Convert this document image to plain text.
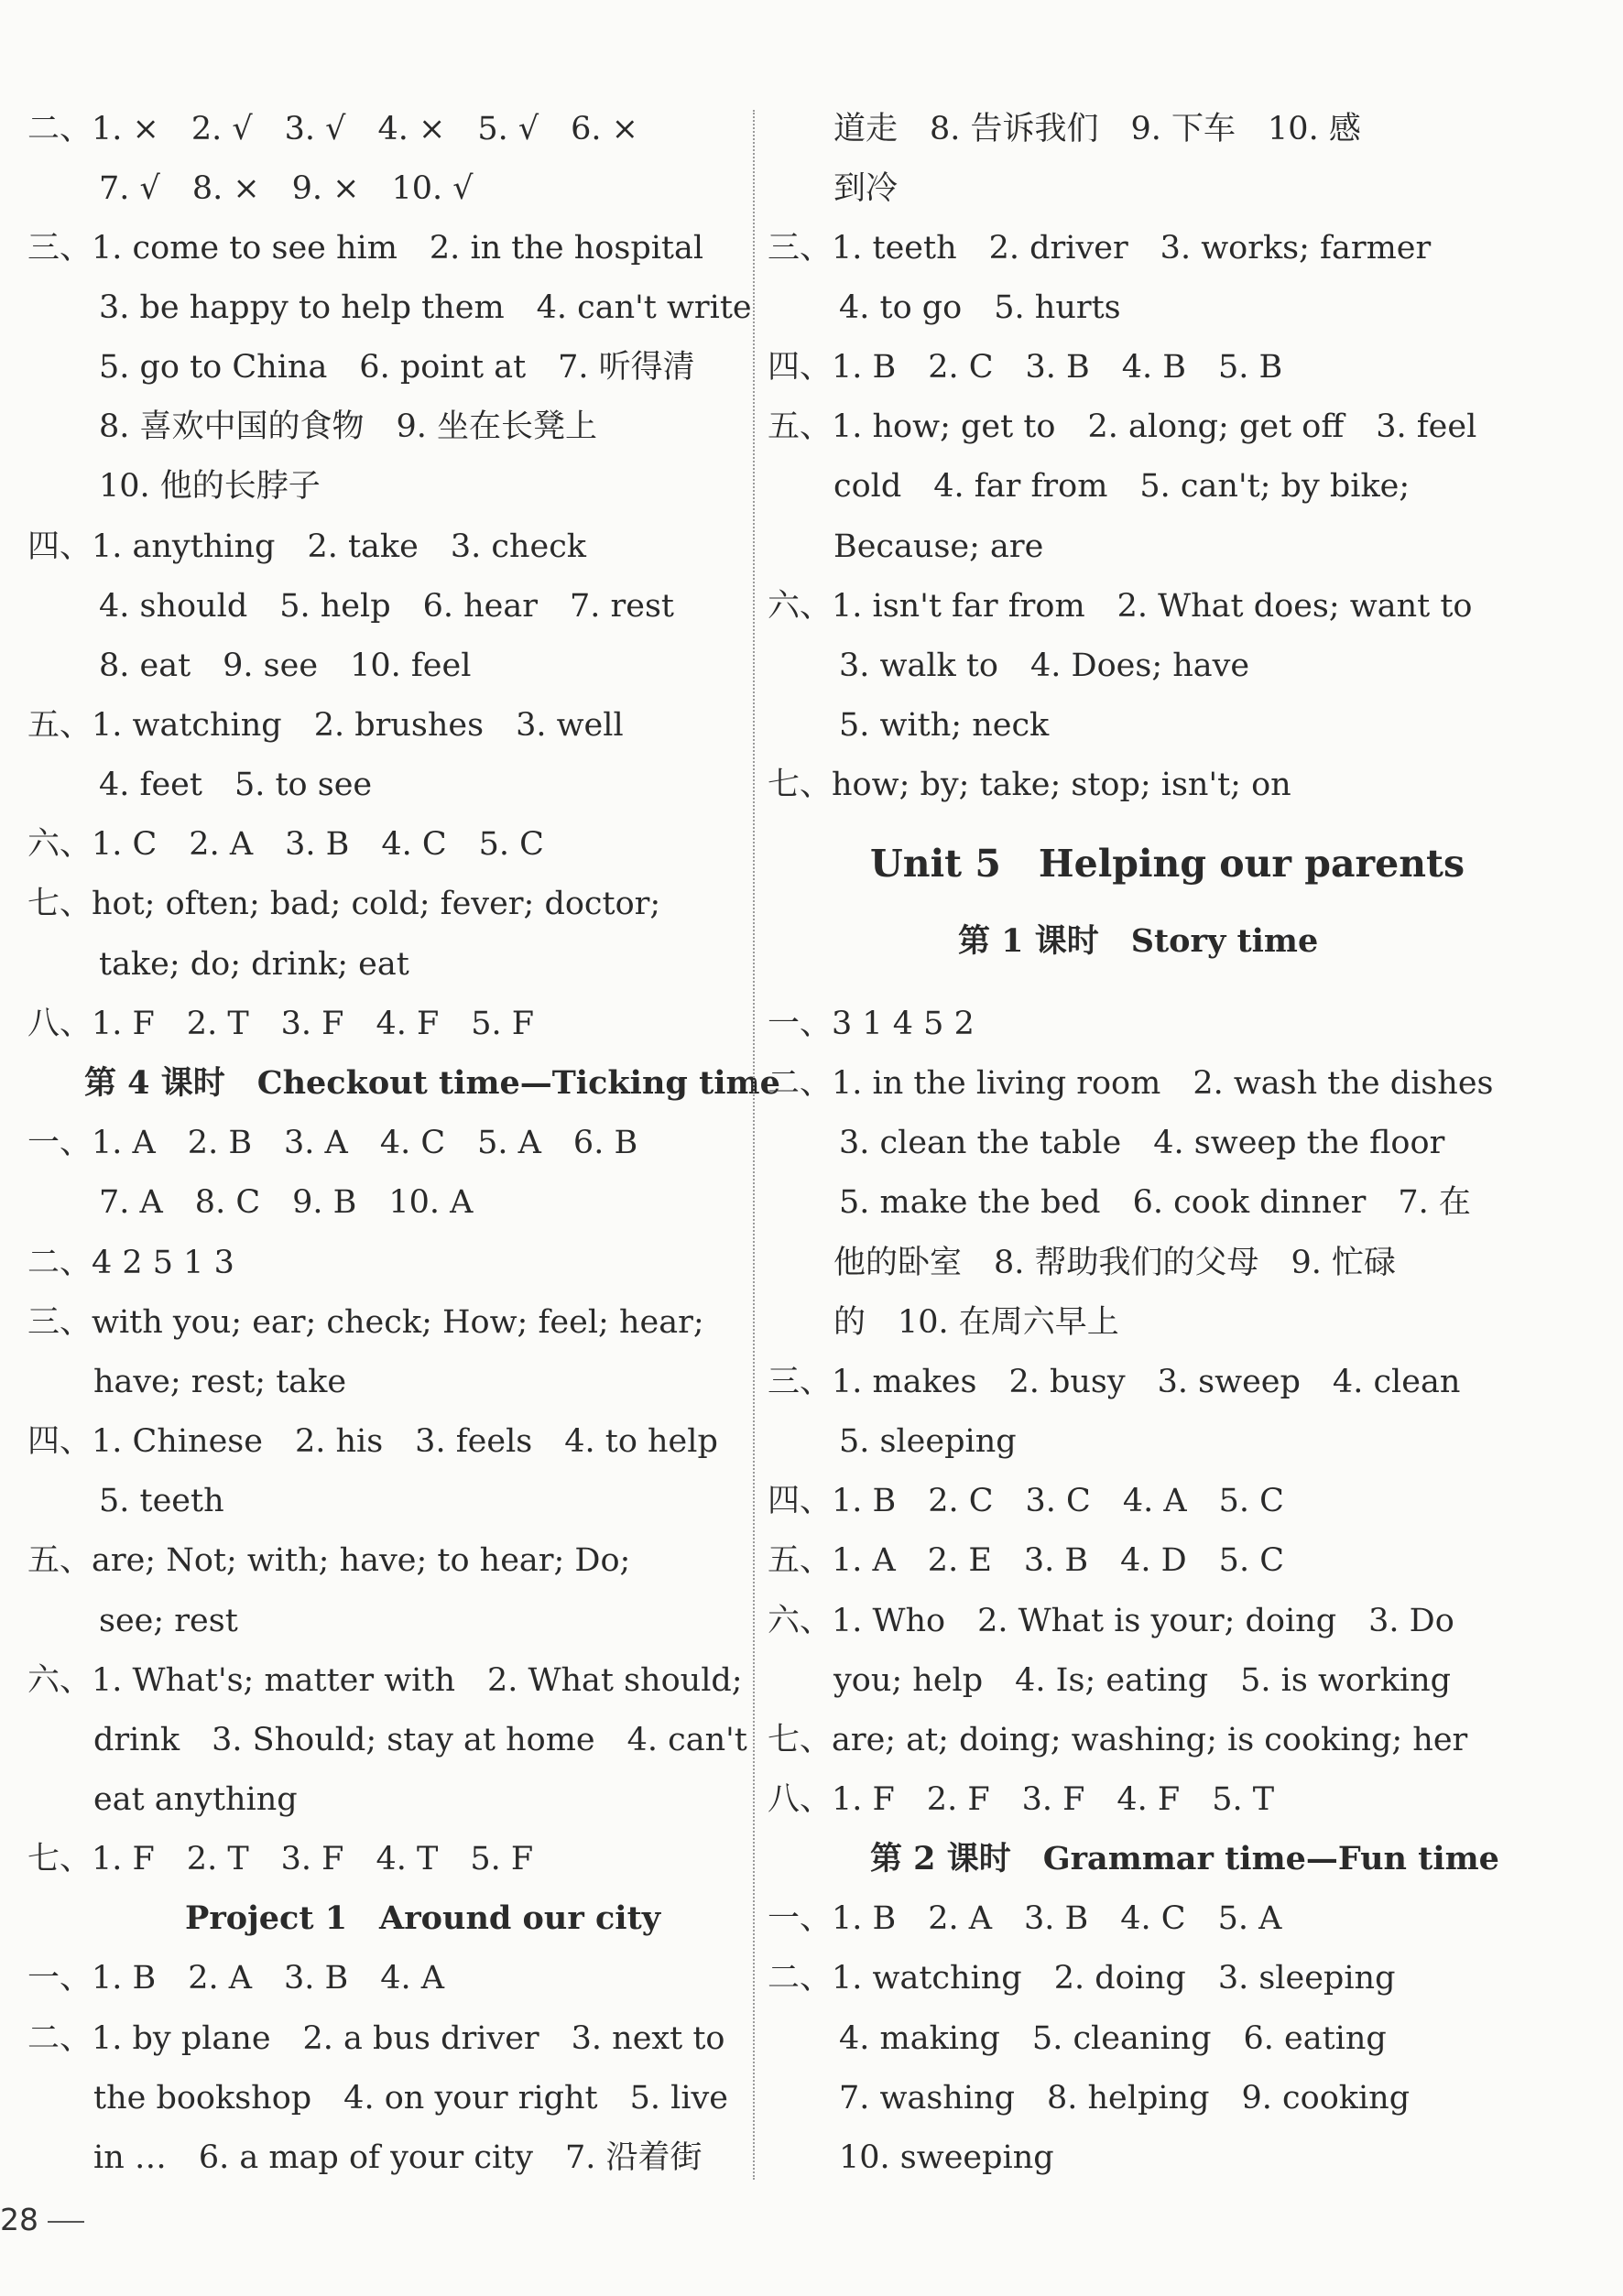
二、1. ×　2. √　3. √　4. ×　5. √　6. ×
7. √　8. ×　9. ×　10. √
三、1. come to see him　2. in the hospital
3. be happy to help them　4. can't write
5. go to China　6. point at　7. 听得清
8. 喜欢中国的食物　9. 坐在长凳上
10. 他的长脖子
四、1. anything　2. take　3. check
4. should　5. help　6. hear　7. rest
8. eat　9. see　10. feel
五、1. watching　2. brushes　3. well
4. feet　5. to see
六、1. C　2. A　3. B　4. C　5. C
七、hot; often; bad; cold; fever; doctor;
take; do; drink; eat
八、1. F　2. T　3. F　4. F　5. F
第 4 课时　Checkout time—Ticking time
一、1. A　2. B　3. A　4. C　5. A　6. B
7. A　8. C　9. B　10. A
二、4 2 5 1 3
三、with you; ear; check; How; feel; hear;
have; rest; take
四、1. Chinese　2. his　3. feels　4. to help
5. teeth
五、are; Not; with; have; to hear; Do;
see; rest
六、1. What's; matter with　2. What should;
drink　3. Should; stay at home　4. can't
eat anything
七、1. F　2. T　3. F　4. T　5. F
Project 1　Around our city
一、1. B　2. A　3. B　4. A
二、1. by plane　2. a bus driver　3. next to
the bookshop　4. on your right　5. live
in …　6. a map of your city　7. 沿着街
道走　8. 告诉我们　9. 下车　10. 感
到冷
三、1. teeth　2. driver　3. works; farmer
4. to go　5. hurts
四、1. B　2. C　3. B　4. B　5. B
五、1. how; get to　2. along; get off　3. feel
cold　4. far from　5. can't; by bike;
Because; are
六、1. isn't far from　2. What does; want to
3. walk to　4. Does; have
5. with; neck
七、how; by; take; stop; isn't; on
Unit 5　Helping our parents
第 1 课时　Story time
一、3 1 4 5 2
二、1. in the living room　2. wash the dishes
3. clean the table　4. sweep the floor
5. make the bed　6. cook dinner　7. 在
他的卧室　8. 帮助我们的父母　9. 忙碌
的　10. 在周六早上
三、1. makes　2. busy　3. sweep　4. clean
5. sleeping
四、1. B　2. C　3. C　4. A　5. C
五、1. A　2. E　3. B　4. D　5. C
六、1. Who　2. What is your; doing　3. Do
you; help　4. Is; eating　5. is working
七、are; at; doing; washing; is cooking; her
八、1. F　2. F　3. F　4. F　5. T
第 2 课时　Grammar time—Fun time
一、1. B　2. A　3. B　4. C　5. A
二、1. watching　2. doing　3. sleeping
4. making　5. cleaning　6. eating
7. washing　8. helping　9. cooking
10. sweeping
28
